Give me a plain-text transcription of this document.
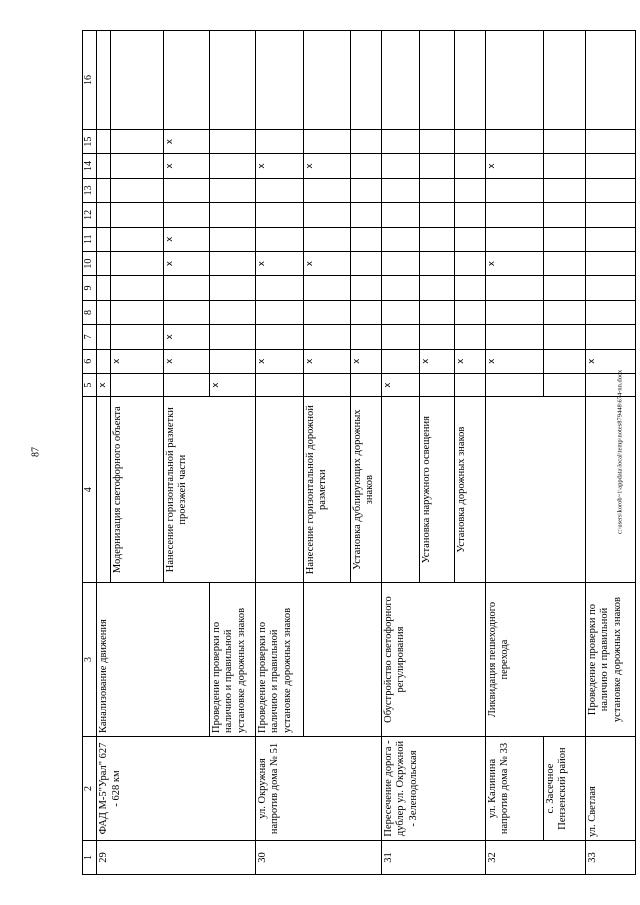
87	c:\users\korob~1\appdata\local\temp\notes879448\674-nn.docx
1	2	3	4	5	6	7	8	9	10	11	12	13	14	15	16
29	ФАД М-5"Урал" 627 - 628 км	Канализование движения		x											
			Модернизация светофорного объекта		x										
			Нанесение горизонтальной разметки проезжей части		x	x			x	x			x	x	
		Проведение проверки по наличию и правильной установке дорожных знаков		x											
30	ул. Окружная напротив дома № 51	Проведение проверки по наличию и правильной установке дорожных знаков			x				x				x		
			Нанесение горизонтальной дорожной разметки		x				x				x		
			Установка дублирующих дорожных знаков		x										
31	Пересечение дорога - дублер ул. Окружной - Зеленодольская	Обустройство светофорного регулирования		x											
			Установка наружного освещения		x										
			Установка дорожных знаков		x										
32	ул. Калинина напротив дома № 33	Ликвидация пешеходного перехода			x				x				x		
	с. Засечное Пензенский район														
33	ул. Светлая	Проведение проверки по наличию и правильной установке дорожных знаков			x										
